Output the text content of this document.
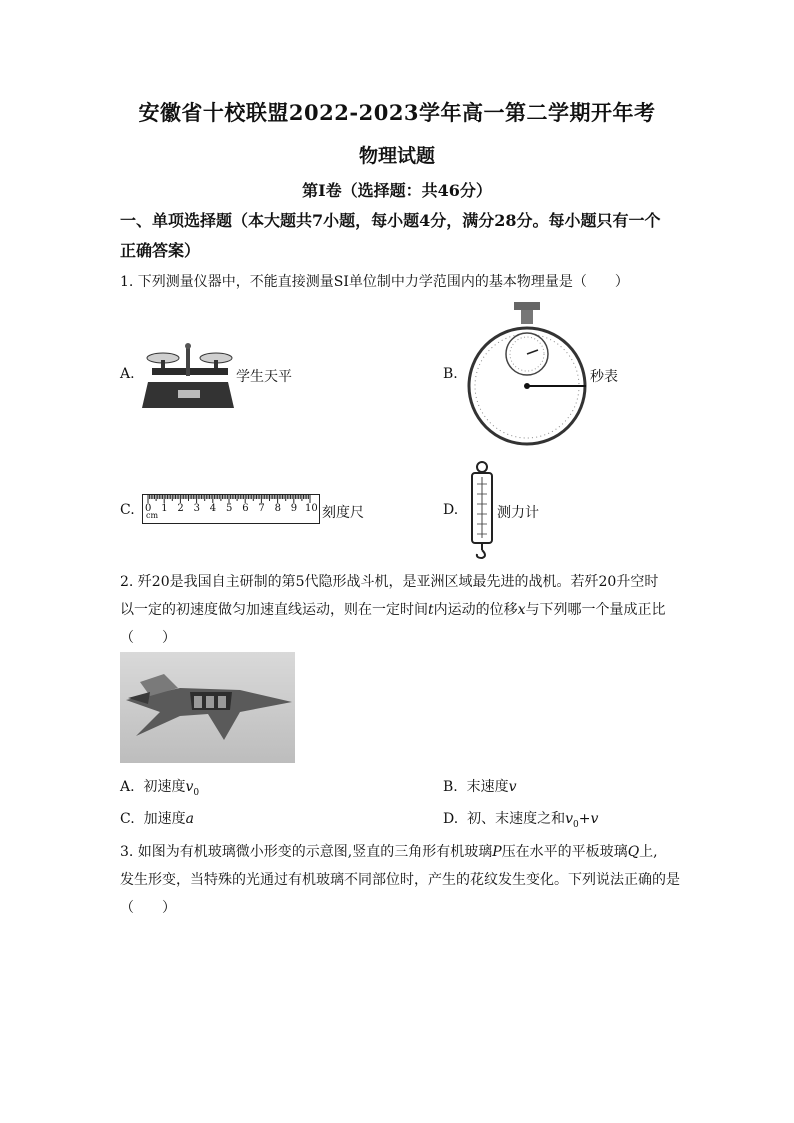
安徽省十校联盟2022-2023学年高一第二学期开年考
物理试题
第Ⅰ卷（选择题：共46分）
一、单项选择题（本大题共7小题，每小题4分，满分28分。每小题只有一个
正确答案）
1. 下列测量仪器中，不能直接测量SI单位制中力学范围内的基本物理量是（　　）
A.	学生天平	B.	秒表
C. cm
0 1 2 3 4 5 6 7 8 9 10 刻度尺	D.	测力计
2. 歼20是我国自主研制的第5代隐形战斗机，是亚洲区域最先进的战机。若歼20升空时
以一定的初速度做匀加速直线运动，则在一定时间t内运动的位移x与下列哪一个量成正比
（　　）
A. 初速度$v_0$	B. 末速度v
C. 加速度a	D. 初、末速度之和$v_0+v$
3. 如图为有机玻璃微小形变的示意图,竖直的三角形有机玻璃P压在水平的平板玻璃Q上,
发生形变，当特殊的光通过有机玻璃不同部位时，产生的花纹发生变化。下列说法正确的是
（　　）
